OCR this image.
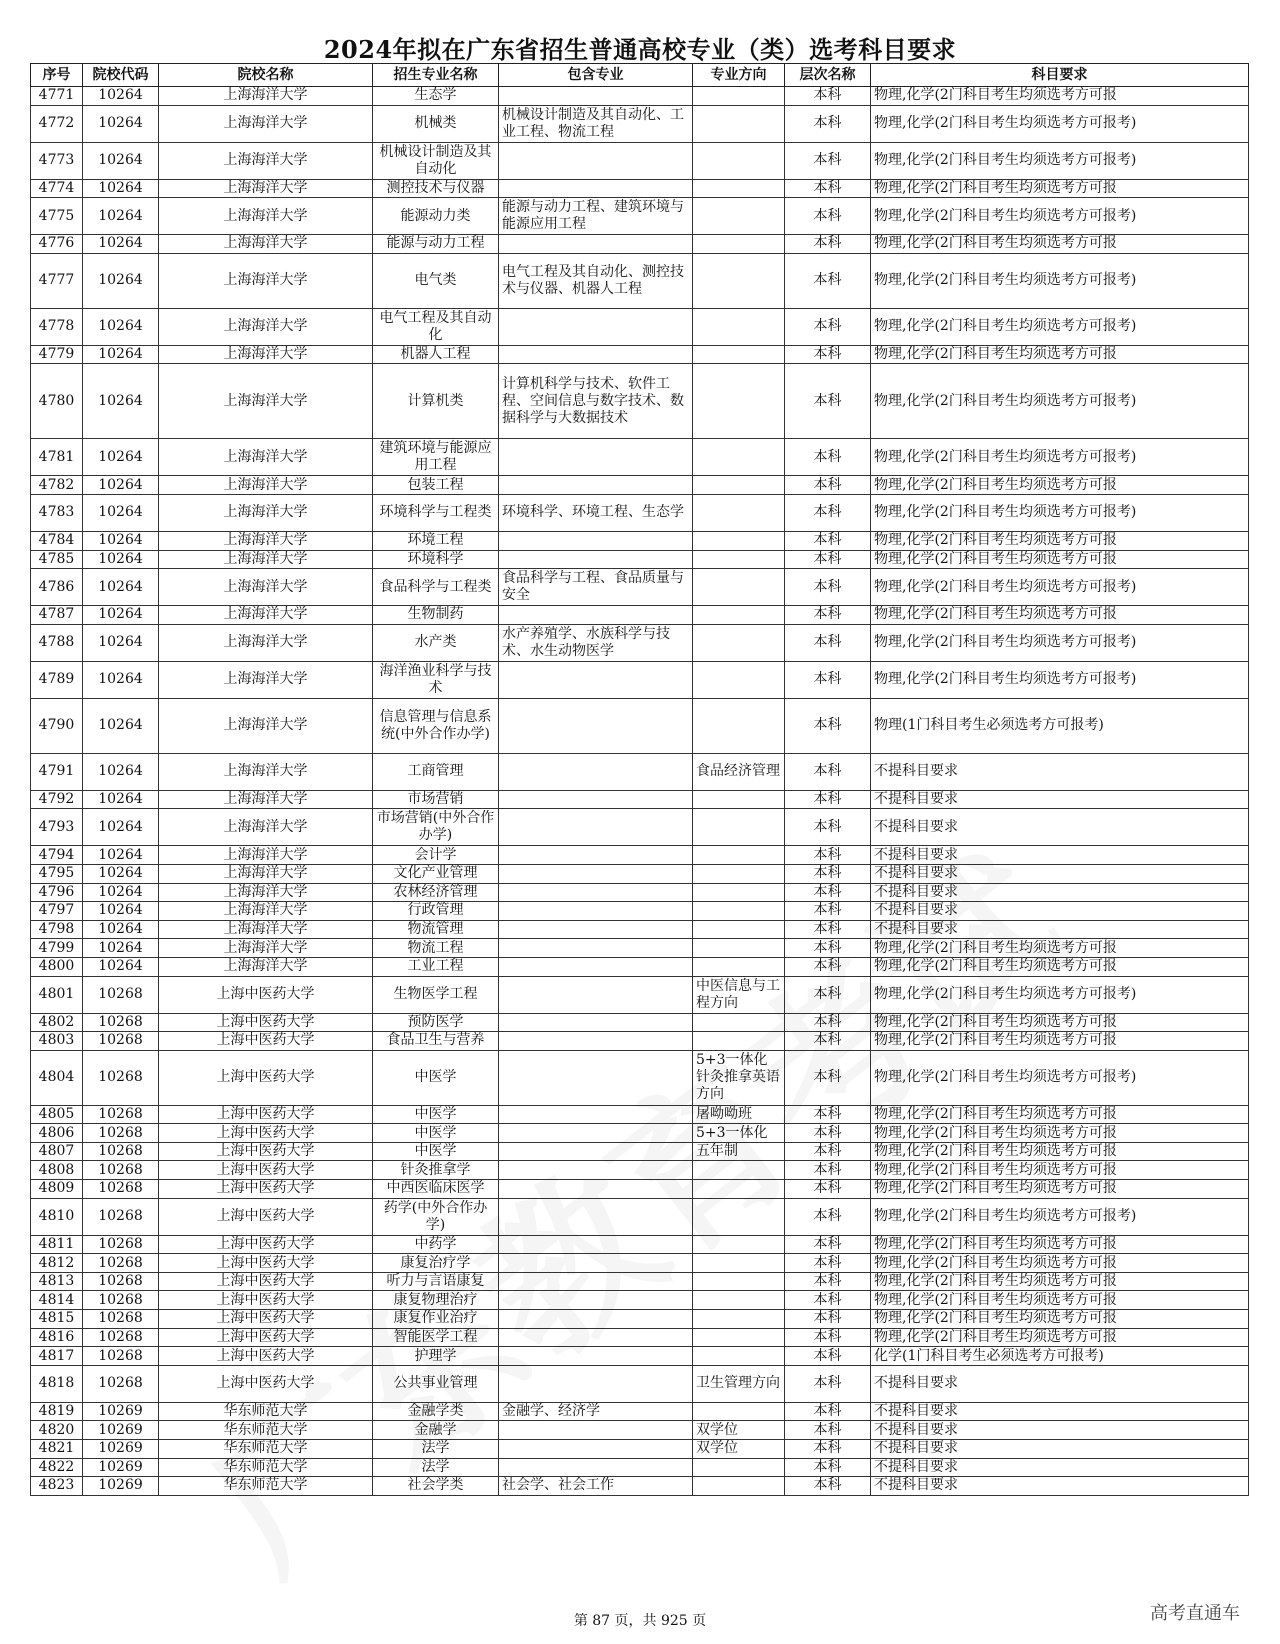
2024年拟在广东省招生普通高校专业（类）选考科目要求
序号	院校代码	院校名称	招生专业名称	包含专业	专业方向	层次名称	科目要求
4771	10264	上海海洋大学	生态学			本科	物理,化学(2门科目考生均须选考方可报
4772	10264	上海海洋大学	机械类	机械设计制造及其自动化、工业工程、物流工程		本科	物理,化学(2门科目考生均须选考方可报考)
4773	10264	上海海洋大学	机械设计制造及其自动化			本科	物理,化学(2门科目考生均须选考方可报考)
4774	10264	上海海洋大学	测控技术与仪器			本科	物理,化学(2门科目考生均须选考方可报
4775	10264	上海海洋大学	能源动力类	能源与动力工程、建筑环境与能源应用工程		本科	物理,化学(2门科目考生均须选考方可报考)
4776	10264	上海海洋大学	能源与动力工程			本科	物理,化学(2门科目考生均须选考方可报
4777	10264	上海海洋大学	电气类	电气工程及其自动化、测控技术与仪器、机器人工程		本科	物理,化学(2门科目考生均须选考方可报考)
4778	10264	上海海洋大学	电气工程及其自动化			本科	物理,化学(2门科目考生均须选考方可报考)
4779	10264	上海海洋大学	机器人工程			本科	物理,化学(2门科目考生均须选考方可报
4780	10264	上海海洋大学	计算机类	计算机科学与技术、软件工程、空间信息与数字技术、数据科学与大数据技术		本科	物理,化学(2门科目考生均须选考方可报考)
4781	10264	上海海洋大学	建筑环境与能源应用工程			本科	物理,化学(2门科目考生均须选考方可报考)
4782	10264	上海海洋大学	包装工程			本科	物理,化学(2门科目考生均须选考方可报
4783	10264	上海海洋大学	环境科学与工程类	环境科学、环境工程、生态学		本科	物理,化学(2门科目考生均须选考方可报考)
4784	10264	上海海洋大学	环境工程			本科	物理,化学(2门科目考生均须选考方可报
4785	10264	上海海洋大学	环境科学			本科	物理,化学(2门科目考生均须选考方可报
4786	10264	上海海洋大学	食品科学与工程类	食品科学与工程、食品质量与安全		本科	物理,化学(2门科目考生均须选考方可报考)
4787	10264	上海海洋大学	生物制药			本科	物理,化学(2门科目考生均须选考方可报
4788	10264	上海海洋大学	水产类	水产养殖学、水族科学与技术、水生动物医学		本科	物理,化学(2门科目考生均须选考方可报考)
4789	10264	上海海洋大学	海洋渔业科学与技术			本科	物理,化学(2门科目考生均须选考方可报考)
4790	10264	上海海洋大学	信息管理与信息系统(中外合作办学)			本科	物理(1门科目考生必须选考方可报考)
4791	10264	上海海洋大学	工商管理		食品经济管理	本科	不提科目要求
4792	10264	上海海洋大学	市场营销			本科	不提科目要求
4793	10264	上海海洋大学	市场营销(中外合作办学)			本科	不提科目要求
4794	10264	上海海洋大学	会计学			本科	不提科目要求
4795	10264	上海海洋大学	文化产业管理			本科	不提科目要求
4796	10264	上海海洋大学	农林经济管理			本科	不提科目要求
4797	10264	上海海洋大学	行政管理			本科	不提科目要求
4798	10264	上海海洋大学	物流管理			本科	不提科目要求
4799	10264	上海海洋大学	物流工程			本科	物理,化学(2门科目考生均须选考方可报
4800	10264	上海海洋大学	工业工程			本科	物理,化学(2门科目考生均须选考方可报
4801	10268	上海中医药大学	生物医学工程		中医信息与工程方向	本科	物理,化学(2门科目考生均须选考方可报考)
4802	10268	上海中医药大学	预防医学			本科	物理,化学(2门科目考生均须选考方可报
4803	10268	上海中医药大学	食品卫生与营养			本科	物理,化学(2门科目考生均须选考方可报
4804	10268	上海中医药大学	中医学		5+3一体化针灸推拿英语方向	本科	物理,化学(2门科目考生均须选考方可报考)
4805	10268	上海中医药大学	中医学		屠呦呦班	本科	物理,化学(2门科目考生均须选考方可报
4806	10268	上海中医药大学	中医学		5+3一体化	本科	物理,化学(2门科目考生均须选考方可报
4807	10268	上海中医药大学	中医学		五年制	本科	物理,化学(2门科目考生均须选考方可报
4808	10268	上海中医药大学	针灸推拿学			本科	物理,化学(2门科目考生均须选考方可报
4809	10268	上海中医药大学	中西医临床医学			本科	物理,化学(2门科目考生均须选考方可报
4810	10268	上海中医药大学	药学(中外合作办学)			本科	物理,化学(2门科目考生均须选考方可报考)
4811	10268	上海中医药大学	中药学			本科	物理,化学(2门科目考生均须选考方可报
4812	10268	上海中医药大学	康复治疗学			本科	物理,化学(2门科目考生均须选考方可报
4813	10268	上海中医药大学	听力与言语康复			本科	物理,化学(2门科目考生均须选考方可报
4814	10268	上海中医药大学	康复物理治疗			本科	物理,化学(2门科目考生均须选考方可报
4815	10268	上海中医药大学	康复作业治疗			本科	物理,化学(2门科目考生均须选考方可报
4816	10268	上海中医药大学	智能医学工程			本科	物理,化学(2门科目考生均须选考方可报
4817	10268	上海中医药大学	护理学			本科	化学(1门科目考生必须选考方可报考)
4818	10268	上海中医药大学	公共事业管理		卫生管理方向	本科	不提科目要求
4819	10269	华东师范大学	金融学类	金融学、经济学		本科	不提科目要求
4820	10269	华东师范大学	金融学		双学位	本科	不提科目要求
4821	10269	华东师范大学	法学		双学位	本科	不提科目要求
4822	10269	华东师范大学	法学			本科	不提科目要求
4823	10269	华东师范大学	社会学类	社会学、社会工作		本科	不提科目要求
第 87 页，共 925 页	高考直通车
